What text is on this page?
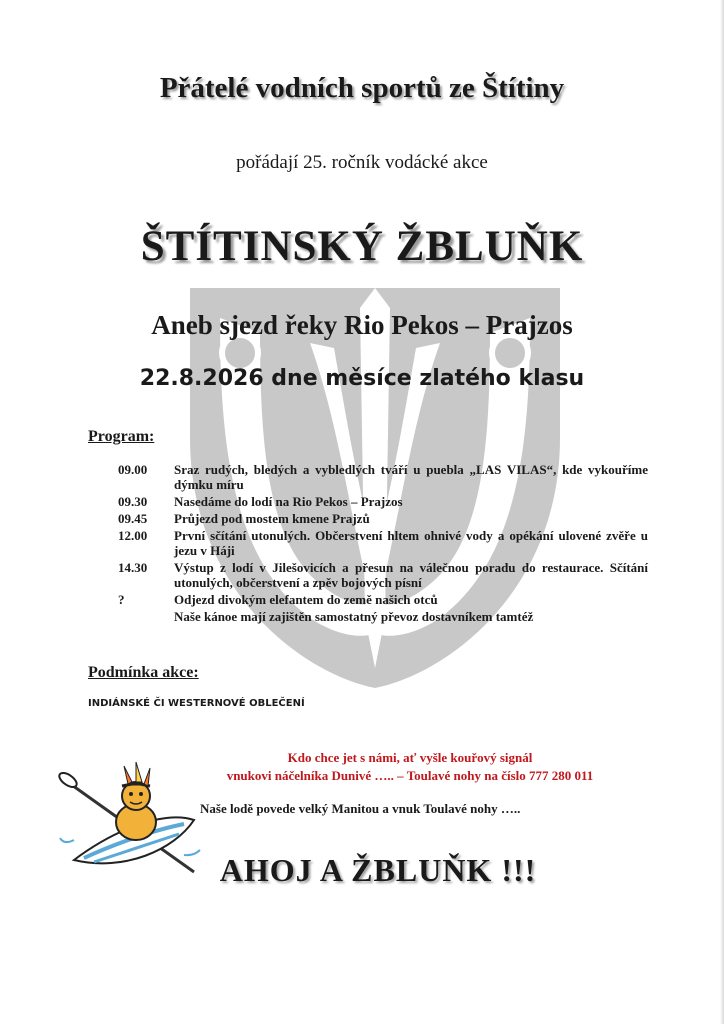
Přátelé vodních sportů ze Štítiny
pořádají 25. ročník vodácké akce
ŠTÍTINSKÝ ŽBLUŇK
Aneb sjezd řeky Rio Pekos – Prajzos
22.8.2026 dne měsíce zlatého klasu
Program:
09.00	Sraz rudých, bledých a vybledlých tváří u puebla „LAS VILAS“, kde vykouříme dýmku míru
09.30	Nasedáme do lodí na Rio Pekos – Prajzos
09.45	Průjezd pod mostem kmene Prajzů
12.00	První sčítání utonulých. Občerstvení hltem ohnivé vody a opékání ulovené zvěře u jezu v Háji
14.30	Výstup z lodí v Jilešovicích a přesun na válečnou poradu do restaurace. Sčítání utonulých, občerstvení a zpěv bojových písní
?	Odjezd divokým elefantem do země našich otců
Naše kánoe mají zajištěn samostatný převoz dostavníkem tamtéž
Podmínka akce:
INDIÁNSKÉ ČI WESTERNOVÉ OBLEČENÍ
Kdo chce jet s námi, ať vyšle kouřový signál
vnukovi náčelníka Dunivé ….. – Toulavé nohy na číslo 777 280 011
Naše lodě povede velký Manitou a vnuk Toulavé nohy …..
AHOJ A ŽBLUŇK !!!
